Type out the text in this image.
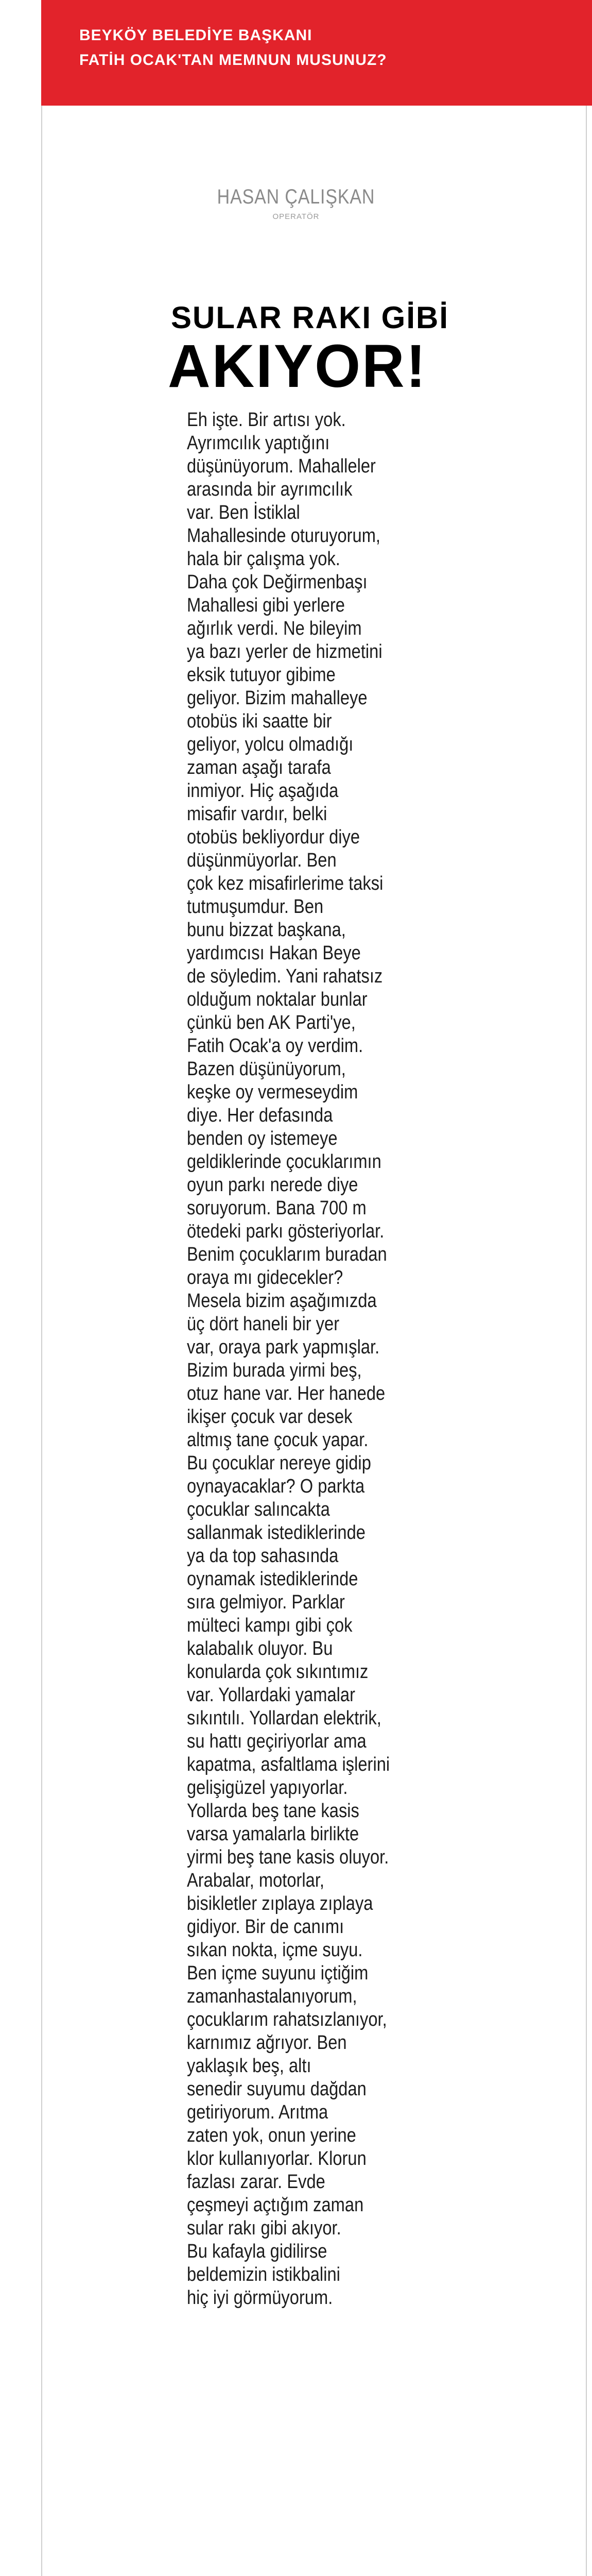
BEYKÖY BELEDİYE BAŞKANI
FATİH OCAK'TAN MEMNUN MUSUNUZ?
HASAN ÇALIŞKAN
OPERATÖR
SULAR RAKI GİBİ
AKIYOR!
Eh işte. Bir artısı yok.
Ayrımcılık yaptığını
düşünüyorum. Mahalleler
arasında bir ayrımcılık
var. Ben İstiklal
Mahallesinde oturuyorum,
hala bir çalışma yok.
Daha çok Değirmenbaşı
Mahallesi gibi yerlere
ağırlık verdi. Ne bileyim
ya bazı yerler de hizmetini
eksik tutuyor gibime
geliyor. Bizim mahalleye
otobüs iki saatte bir
geliyor, yolcu olmadığı
zaman aşağı tarafa
inmiyor. Hiç aşağıda
misafir vardır, belki
otobüs bekliyordur diye
düşünmüyorlar. Ben
çok kez misafirlerime taksi
tutmuşumdur. Ben
bunu bizzat başkana,
yardımcısı Hakan Beye
de söyledim. Yani rahatsız
olduğum noktalar bunlar
çünkü ben AK Parti'ye,
Fatih Ocak'a oy verdim.
Bazen düşünüyorum,
keşke oy vermeseydim
diye. Her defasında
benden oy istemeye
geldiklerinde çocuklarımın
oyun parkı nerede diye
soruyorum. Bana 700 m
ötedeki parkı gösteriyorlar.
Benim çocuklarım buradan
oraya mı gidecekler?
Mesela bizim aşağımızda
üç dört haneli bir yer
var, oraya park yapmışlar.
Bizim burada yirmi beş,
otuz hane var. Her hanede
ikişer çocuk var desek
altmış tane çocuk yapar.
Bu çocuklar nereye gidip
oynayacaklar? O parkta
çocuklar salıncakta
sallanmak istediklerinde
ya da top sahasında
oynamak istediklerinde
sıra gelmiyor. Parklar
mülteci kampı gibi çok
kalabalık oluyor. Bu
konularda çok sıkıntımız
var. Yollardaki yamalar
sıkıntılı. Yollardan elektrik,
su hattı geçiriyorlar ama
kapatma, asfaltlama işlerini
gelişigüzel yapıyorlar.
Yollarda beş tane kasis
varsa yamalarla birlikte
yirmi beş tane kasis oluyor.
Arabalar, motorlar,
bisikletler zıplaya zıplaya
gidiyor. Bir de canımı
sıkan nokta, içme suyu.
Ben içme suyunu içtiğim
zamanhastalanıyorum,
çocuklarım rahatsızlanıyor,
karnımız ağrıyor. Ben
yaklaşık beş, altı
senedir suyumu dağdan
getiriyorum. Arıtma
zaten yok, onun yerine
klor kullanıyorlar. Klorun
fazlası zarar. Evde
çeşmeyi açtığım zaman
sular rakı gibi akıyor.
Bu kafayla gidilirse
beldemizin istikbalini
hiç iyi görmüyorum.
